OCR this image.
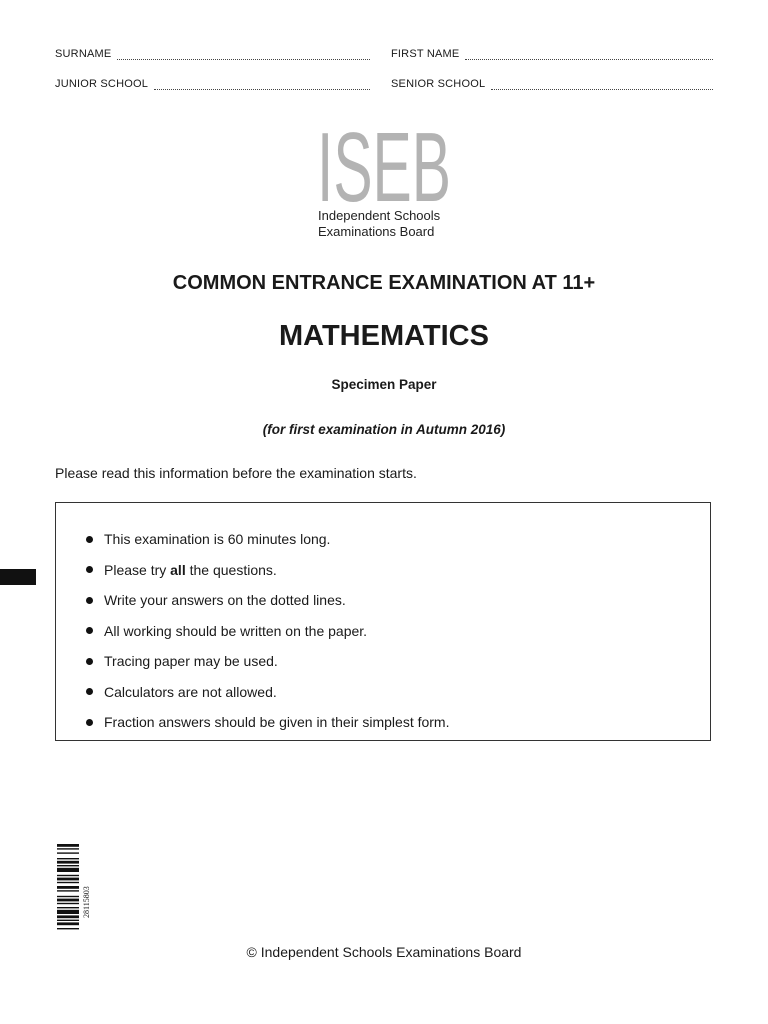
SURNAME	FIRST NAME
JUNIOR SCHOOL	SENIOR SCHOOL
ISEB
Independent Schools
Examinations Board
COMMON ENTRANCE EXAMINATION AT 11+
MATHEMATICS
Specimen Paper
(for first examination in Autumn 2016)
Please read this information before the examination starts.
This examination is 60 minutes long.
Please try all the questions.
Write your answers on the dotted lines.
All working should be written on the paper.
Tracing paper may be used.
Calculators are not allowed.
Fraction answers should be given in their simplest form.
28115803
© Independent Schools Examinations Board
